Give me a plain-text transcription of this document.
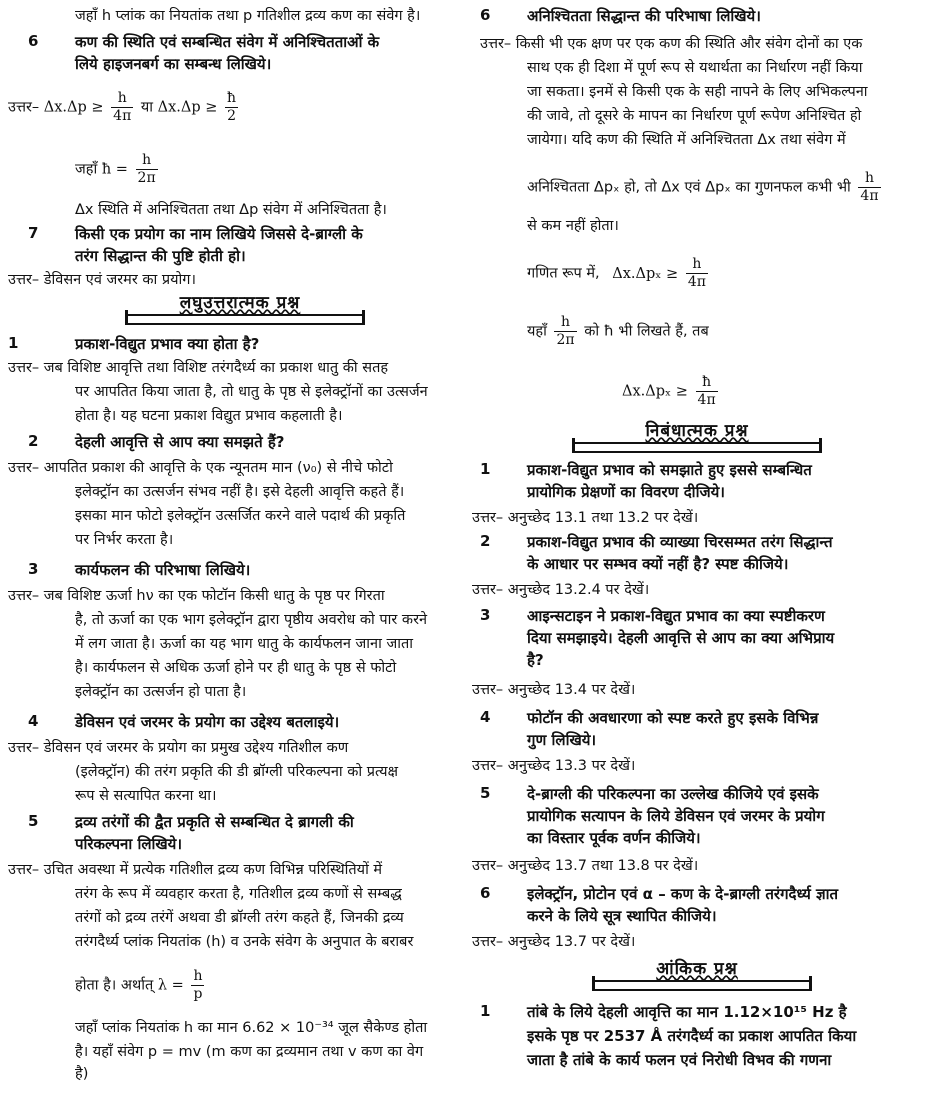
जहाँ h प्लांक का नियतांक तथा p गतिशील द्रव्य कण का संवेग है।
6 कण की स्थिति एवं सम्बन्धित संवेग में अनिश्चितताओं के
लिये हाइजनबर्ग का सम्बन्ध लिखिये।
उत्तर– $\Delta x.\Delta p \ge \frac{h}{4\pi}$ या $\Delta x.\Delta p \ge \frac{ħ}{2}$
जहाँ ħ = $\frac{h}{2\pi}$
Δx स्थिति में अनिश्चितता तथा Δp संवेग में अनिश्चितता है।
7 किसी एक प्रयोग का नाम लिखिये जिससे दे-ब्राग्ली के
तरंग सिद्धान्त की पुष्टि होती हो।
उत्तर– डेविसन एवं जरमर का प्रयोग।
लघुउत्तरात्मक प्रश्न
1	प्रकाश-विद्युत प्रभाव क्या होता है?
उत्तर– जब विशिष्ट आवृत्ति तथा विशिष्ट तरंगदैर्ध्य का प्रकाश धातु की सतह
पर आपतित किया जाता है, तो धातु के पृष्ठ से इलेक्ट्रॉनों का उत्सर्जन
होता है। यह घटना प्रकाश विद्युत प्रभाव कहलाती है।
2 देहली आवृत्ति से आप क्या समझते हैं?
उत्तर– आपतित प्रकाश की आवृत्ति के एक न्यूनतम मान (ν₀) से नीचे फोटो
इलेक्ट्रॉन का उत्सर्जन संभव नहीं है। इसे देहली आवृत्ति कहते हैं।
इसका मान फोटो इलेक्ट्रॉन उत्सर्जित करने वाले पदार्थ की प्रकृति
पर निर्भर करता है।
3 कार्यफलन की परिभाषा लिखिये।
उत्तर– जब विशिष्ट ऊर्जा hν का एक फोटॉन किसी धातु के पृष्ठ पर गिरता
है, तो ऊर्जा का एक भाग इलेक्ट्रॉन द्वारा पृष्ठीय अवरोध को पार करने
में लग जाता है। ऊर्जा का यह भाग धातु के कार्यफलन जाना जाता
है। कार्यफलन से अधिक ऊर्जा होने पर ही धातु के पृष्ठ से फोटो
इलेक्ट्रॉन का उत्सर्जन हो पाता है।
4 डेविसन एवं जरमर के प्रयोग का उद्देश्य बतलाइये।
उत्तर– डेविसन एवं जरमर के प्रयोग का प्रमुख उद्देश्य गतिशील कण
(इलेक्ट्रॉन) की तरंग प्रकृति की डी ब्रॉग्ली परिकल्पना को प्रत्यक्ष
रूप से सत्यापित करना था।
5 द्रव्य तरंगों की द्वैत प्रकृति से सम्बन्धित दे ब्रागली की
परिकल्पना लिखिये।
उत्तर– उचित अवस्था में प्रत्येक गतिशील द्रव्य कण विभिन्न परिस्थितियों में
तरंग के रूप में व्यवहार करता है, गतिशील द्रव्य कणों से सम्बद्ध
तरंगों को द्रव्य तरंगें अथवा डी ब्रॉग्ली तरंग कहते हैं, जिनकी द्रव्य
तरंगदैर्ध्य प्लांक नियतांक (h) व उनके संवेग के अनुपात के बराबर
होता है। अर्थात् $\lambda = \frac{h}{p}$
जहाँ प्लांक नियतांक h का मान 6.62 × 10⁻³⁴ जूल सैकेण्ड होता
है। यहाँ संवेग p = mv (m कण का द्रव्यमान तथा v कण का वेग
है)
6 अनिश्चितता सिद्धान्त की परिभाषा लिखिये।
उत्तर– किसी भी एक क्षण पर एक कण की स्थिति और संवेग दोनों का एक
साथ एक ही दिशा में पूर्ण रूप से यथार्थता का निर्धारण नहीं किया
जा सकता। इनमें से किसी एक के सही नापने के लिए अभिकल्पना
की जावे, तो दूसरे के मापन का निर्धारण पूर्ण रूपेण अनिश्चित हो
जायेगा। यदि कण की स्थिति में अनिश्चितता Δx तथा संवेग में
अनिश्चितता Δpₓ हो, तो Δx एवं Δpₓ का गुणनफल कभी भी $\frac{h}{4\pi}$
से कम नहीं होता।
गणित रूप में, $\Delta x.\Delta p_x \ge \frac{h}{4\pi}$
यहाँ $\frac{h}{2\pi}$ को ħ भी लिखते हैं, तब
$\Delta x.\Delta p_x \ge \frac{ħ}{4\pi}$
निबंधात्मक प्रश्न
1 प्रकाश-विद्युत प्रभाव को समझाते हुए इससे सम्बन्धित
प्रायोगिक प्रेक्षणों का विवरण दीजिये।
उत्तर– अनुच्छेद 13.1 तथा 13.2 पर देखें।
2 प्रकाश-विद्युत प्रभाव की व्याख्या चिरसम्मत तरंग सिद्धान्त
के आधार पर सम्भव क्यों नहीं है? स्पष्ट कीजिये।
उत्तर– अनुच्छेद 13.2.4 पर देखें।
3 आइन्सटाइन ने प्रकाश-विद्युत प्रभाव का क्या स्पष्टीकरण
दिया समझाइये। देहली आवृत्ति से आप का क्या अभिप्राय
है?
उत्तर– अनुच्छेद 13.4 पर देखें।
4 फोटॉन की अवधारणा को स्पष्ट करते हुए इसके विभिन्न
गुण लिखिये।
उत्तर– अनुच्छेद 13.3 पर देखें।
5 दे-ब्राग्ली की परिकल्पना का उल्लेख कीजिये एवं इसके
प्रायोगिक सत्यापन के लिये डेविसन एवं जरमर के प्रयोग
का विस्तार पूर्वक वर्णन कीजिये।
उत्तर– अनुच्छेद 13.7 तथा 13.8 पर देखें।
6 इलेक्ट्रॉन, प्रोटोन एवं α – कण के दे-ब्राग्ली तरंगदैर्ध्य ज्ञात
करने के लिये सूत्र स्थापित कीजिये।
उत्तर– अनुच्छेद 13.7 पर देखें।
आंकिक प्रश्न
1 तांबे के लिये देहली आवृत्ति का मान 1.12×10¹⁵ Hz है
इसके पृष्ठ पर 2537 Å तरंगदैर्ध्य का प्रकाश आपतित किया
जाता है तांबे के कार्य फलन एवं निरोधी विभव की गणना
